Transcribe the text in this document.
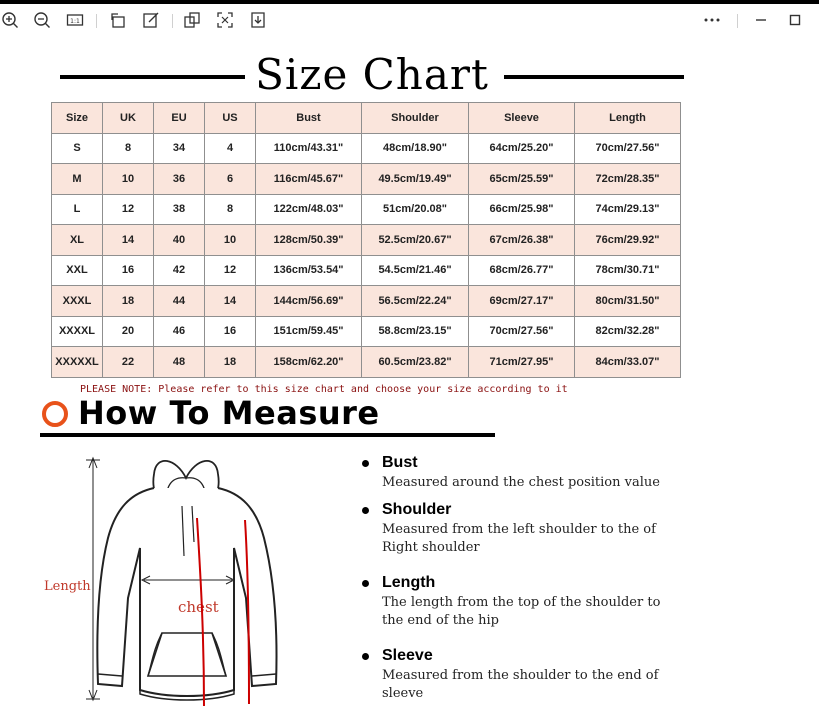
1:1
Size Chart
Size	UK	EU	US	Bust	Shoulder	Sleeve	Length
S	8	34	4	110cm/43.31"	48cm/18.90"	64cm/25.20"	70cm/27.56"
M	10	36	6	116cm/45.67"	49.5cm/19.49"	65cm/25.59"	72cm/28.35"
L	12	38	8	122cm/48.03"	51cm/20.08"	66cm/25.98"	74cm/29.13"
XL	14	40	10	128cm/50.39"	52.5cm/20.67"	67cm/26.38"	76cm/29.92"
XXL	16	42	12	136cm/53.54"	54.5cm/21.46"	68cm/26.77"	78cm/30.71"
XXXL	18	44	14	144cm/56.69"	56.5cm/22.24"	69cm/27.17"	80cm/31.50"
XXXXL	20	46	16	151cm/59.45"	58.8cm/23.15"	70cm/27.56"	82cm/32.28"
XXXXXL	22	48	18	158cm/62.20"	60.5cm/23.82"	71cm/27.95"	84cm/33.07"
PLEASE NOTE: Please refer to this size chart and choose your size according to it
How To Measure
Length
chest
Bust
Measured around the chest position value
Shoulder
Measured from the left shoulder to the of Right shoulder
Length
The length from the top of the shoulder to the end of the hip
Sleeve
Measured from the shoulder to the end of sleeve
